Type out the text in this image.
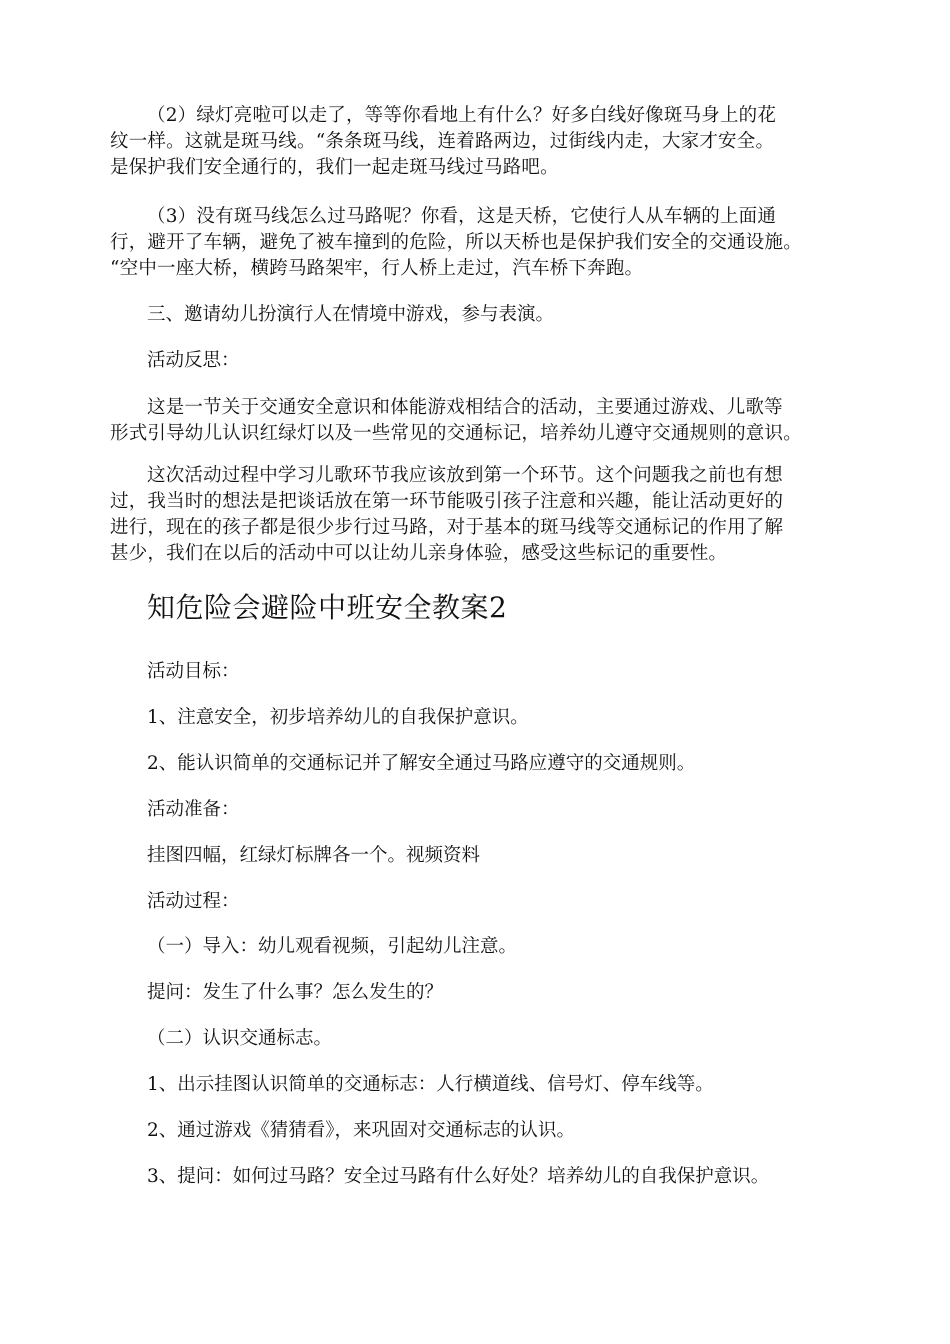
（2）绿灯亮啦可以走了，等等你看地上有什么？好多白线好像斑马身上的花
纹一样。这就是斑马线。“条条斑马线，连着路两边，过街线内走，大家才安全。
是保护我们安全通行的，我们一起走斑马线过马路吧。
（3）没有斑马线怎么过马路呢？你看，这是天桥，它使行人从车辆的上面通
行，避开了车辆，避免了被车撞到的危险，所以天桥也是保护我们安全的交通设施。
“空中一座大桥，横跨马路架牢，行人桥上走过，汽车桥下奔跑。

三、邀请幼儿扮演行人在情境中游戏，参与表演。

活动反思：

这是一节关于交通安全意识和体能游戏相结合的活动，主要通过游戏、儿歌等
形式引导幼儿认识红绿灯以及一些常见的交通标记，培养幼儿遵守交通规则的意识。
这次活动过程中学习儿歌环节我应该放到第一个环节。这个问题我之前也有想
过，我当时的想法是把谈话放在第一环节能吸引孩子注意和兴趣，能让活动更好的
进行，现在的孩子都是很少步行过马路，对于基本的斑马线等交通标记的作用了解
甚少，我们在以后的活动中可以让幼儿亲身体验，感受这些标记的重要性。
知危险会避险中班安全教案2

活动目标：

1、注意安全，初步培养幼儿的自我保护意识。

2、能认识简单的交通标记并了解安全通过马路应遵守的交通规则。

活动准备：

挂图四幅，红绿灯标牌各一个。视频资料

活动过程：

（一）导入：幼儿观看视频，引起幼儿注意。

提问：发生了什么事？怎么发生的？

（二）认识交通标志。

1、出示挂图认识简单的交通标志：人行横道线、信号灯、停车线等。

2、通过游戏《猜猜看》，来巩固对交通标志的认识。

3、提问：如何过马路？安全过马路有什么好处？培养幼儿的自我保护意识。
